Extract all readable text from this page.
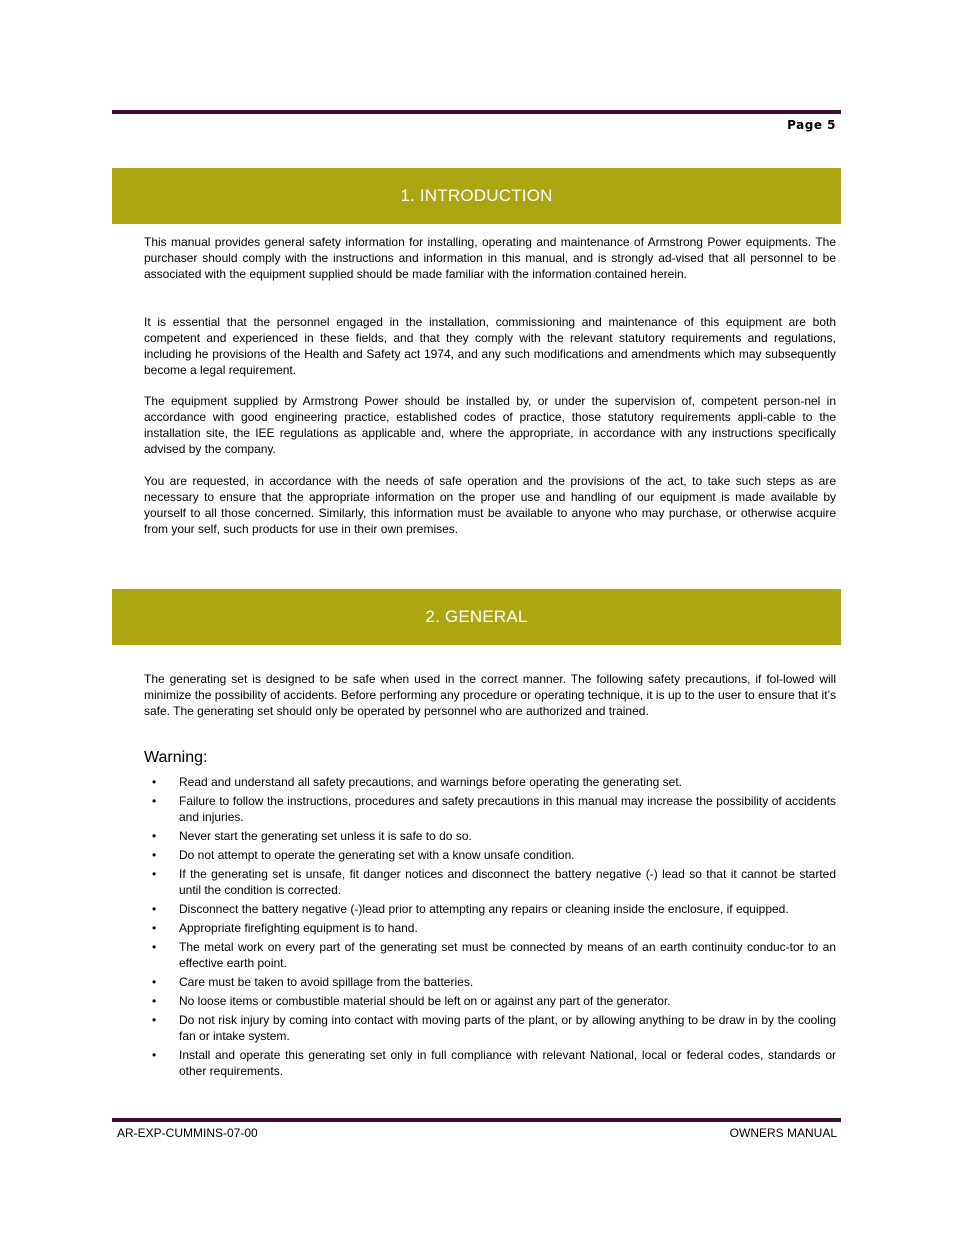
Page 5
1. INTRODUCTION

This manual provides general safety information for installing, operating and maintenance of Armstrong Power equipments. The purchaser should comply with the instructions and information in this manual, and is strongly ad-vised that all personnel to be associated with the equipment supplied should be made familiar with the information contained herein.

It is essential that the personnel engaged in the installation, commissioning and maintenance of this equipment are both competent and experienced in these fields, and that they comply with the relevant statutory requirements and regulations, including he provisions of the Health and Safety act 1974, and any such modifications and amendments which may subsequently become a legal requirement.

The equipment supplied by Armstrong Power should be installed by, or under the supervision of, competent person-nel in accordance with good engineering practice, established codes of practice, those statutory requirements appli-cable to the installation site, the IEE regulations as applicable and, where the appropriate, in accordance with any instructions specifically advised by the company.

You are requested, in accordance with the needs of safe operation and the provisions of the act, to take such steps as are necessary to ensure that the appropriate information on the proper use and handling of our equipment is made available by yourself to all those concerned. Similarly, this information must be available to anyone who may purchase, or otherwise acquire from your self, such products for use in their own premises.

2. GENERAL

The generating set is designed to be safe when used in the correct manner. The following safety precautions, if fol-lowed will minimize the possibility of accidents. Before performing any procedure or operating technique, it is up to the user to ensure that it’s safe. The generating set should only be operated by personnel who are authorized and trained.

Warning:
• Read and understand all safety precautions, and warnings before operating the generating set.
• Failure to follow the instructions, procedures and safety precautions in this manual may increase the possibility of accidents and injuries.
• Never start the generating set unless it is safe to do so.
• Do not attempt to operate the generating set with a know unsafe condition.
• If the generating set is unsafe, fit danger notices and disconnect the battery negative (-) lead so that it cannot be started until the condition is corrected.
• Disconnect the battery negative (-)lead prior to attempting any repairs or cleaning inside the enclosure, if equipped.
• Appropriate firefighting equipment is to hand.
• The metal work on every part of the generating set must be connected by means of an earth continuity conduc-tor to an effective earth point.
• Care must be taken to avoid spillage from the batteries.
• No loose items or combustible material should be left on or against any part of the generator.
• Do not risk injury by coming into contact with moving parts of the plant, or by allowing anything to be draw in by the cooling fan or intake system.
• Install and operate this generating set only in full compliance with relevant National, local or federal codes, standards or other requirements.
AR-EXP-CUMMINS-07-00	OWNERS MANUAL
